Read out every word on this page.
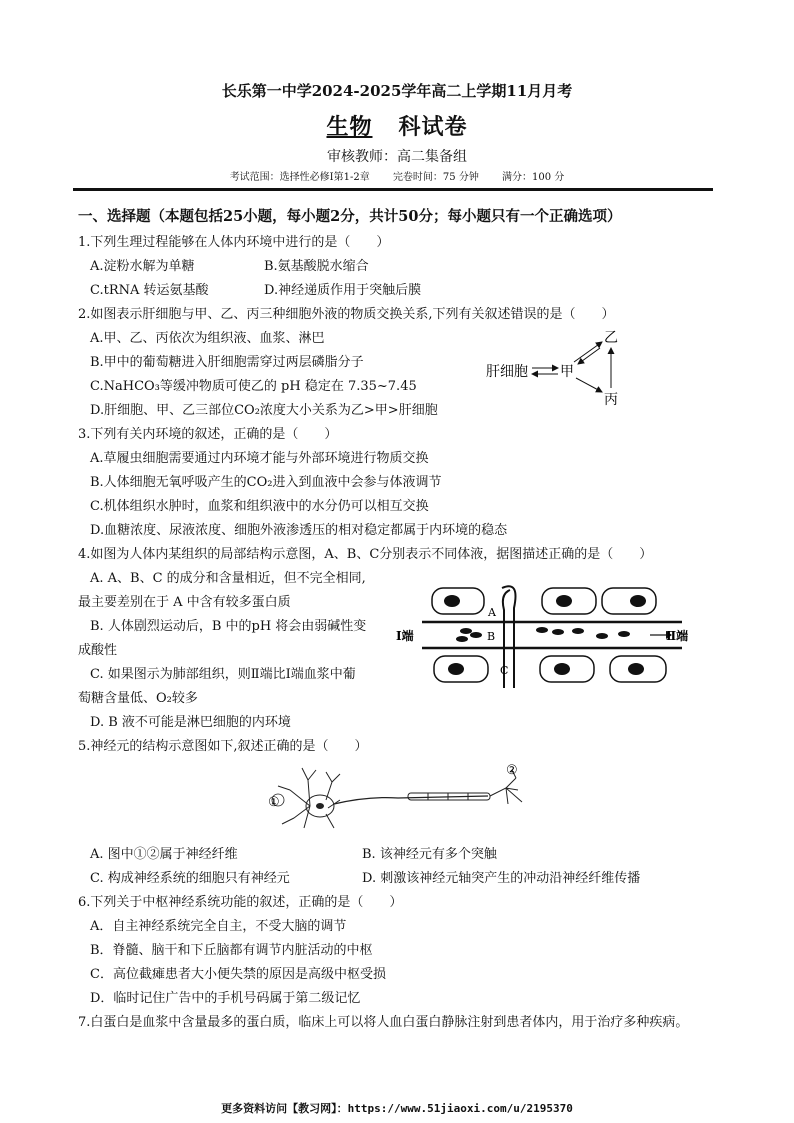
长乐第一中学2024-2025学年高二上学期11月月考
生物 科试卷
审核教师：高二集备组
考试范围：选择性必修Ⅰ第1-2章 完卷时间：75 分钟 满分：100 分
一、选择题（本题包括25小题，每小题2分，共计50分；每小题只有一个正确选项）
1.下列生理过程能够在人体内环境中进行的是（　　）
A.淀粉水解为单糖	B.氨基酸脱水缩合
C.tRNA 转运氨基酸	D.神经递质作用于突触后膜
2.如图表示肝细胞与甲、乙、丙三种细胞外液的物质交换关系,下列有关叙述错误的是（　　）
A.甲、乙、丙依次为组织液、血浆、淋巴
B.甲中的葡萄糖进入肝细胞需穿过两层磷脂分子
C.NaHCO₃等缓冲物质可使乙的 pH 稳定在 7.35~7.45
D.肝细胞、甲、乙三部位CO₂浓度大小关系为乙>甲>肝细胞
肝细胞 甲
乙
丙
3.下列有关内环境的叙述，正确的是（　　）
A.草履虫细胞需要通过内环境才能与外部环境进行物质交换
B.人体细胞无氧呼吸产生的CO₂进入到血液中会参与体液调节
C.机体组织水肿时，血浆和组织液中的水分仍可以相互交换
D.血糖浓度、尿液浓度、细胞外液渗透压的相对稳定都属于内环境的稳态
4.如图为人体内某组织的局部结构示意图，A、B、C分别表示不同体液，据图描述正确的是（　　）
A. A、B、C 的成分和含量相近，但不完全相同,
最主要差别在于 A 中含有较多蛋白质
B. 人体剧烈运动后，B 中的pH 将会由弱碱性变
成酸性
C. 如果图示为肺部组织，则Ⅱ端比Ⅰ端血浆中葡
萄糖含量低、O₂较多
D. B 液不可能是淋巴细胞的内环境
Ⅰ端	Ⅱ端
A
B
C
5.神经元的结构示意图如下,叙述正确的是（　　）
①
②
A. 图中①②属于神经纤维	B. 该神经元有多个突触
C. 构成神经系统的细胞只有神经元	D. 刺激该神经元轴突产生的冲动沿神经纤维传播
6.下列关于中枢神经系统功能的叙述，正确的是（　　）
A．自主神经系统完全自主，不受大脑的调节
B．脊髓、脑干和下丘脑都有调节内脏活动的中枢
C．高位截瘫患者大小便失禁的原因是高级中枢受损
D．临时记住广告中的手机号码属于第二级记忆
7.白蛋白是血浆中含量最多的蛋白质，临床上可以将人血白蛋白静脉注射到患者体内，用于治疗多种疾病。
更多资料访问【教习网】：https://www.51jiaoxi.com/u/2195370
